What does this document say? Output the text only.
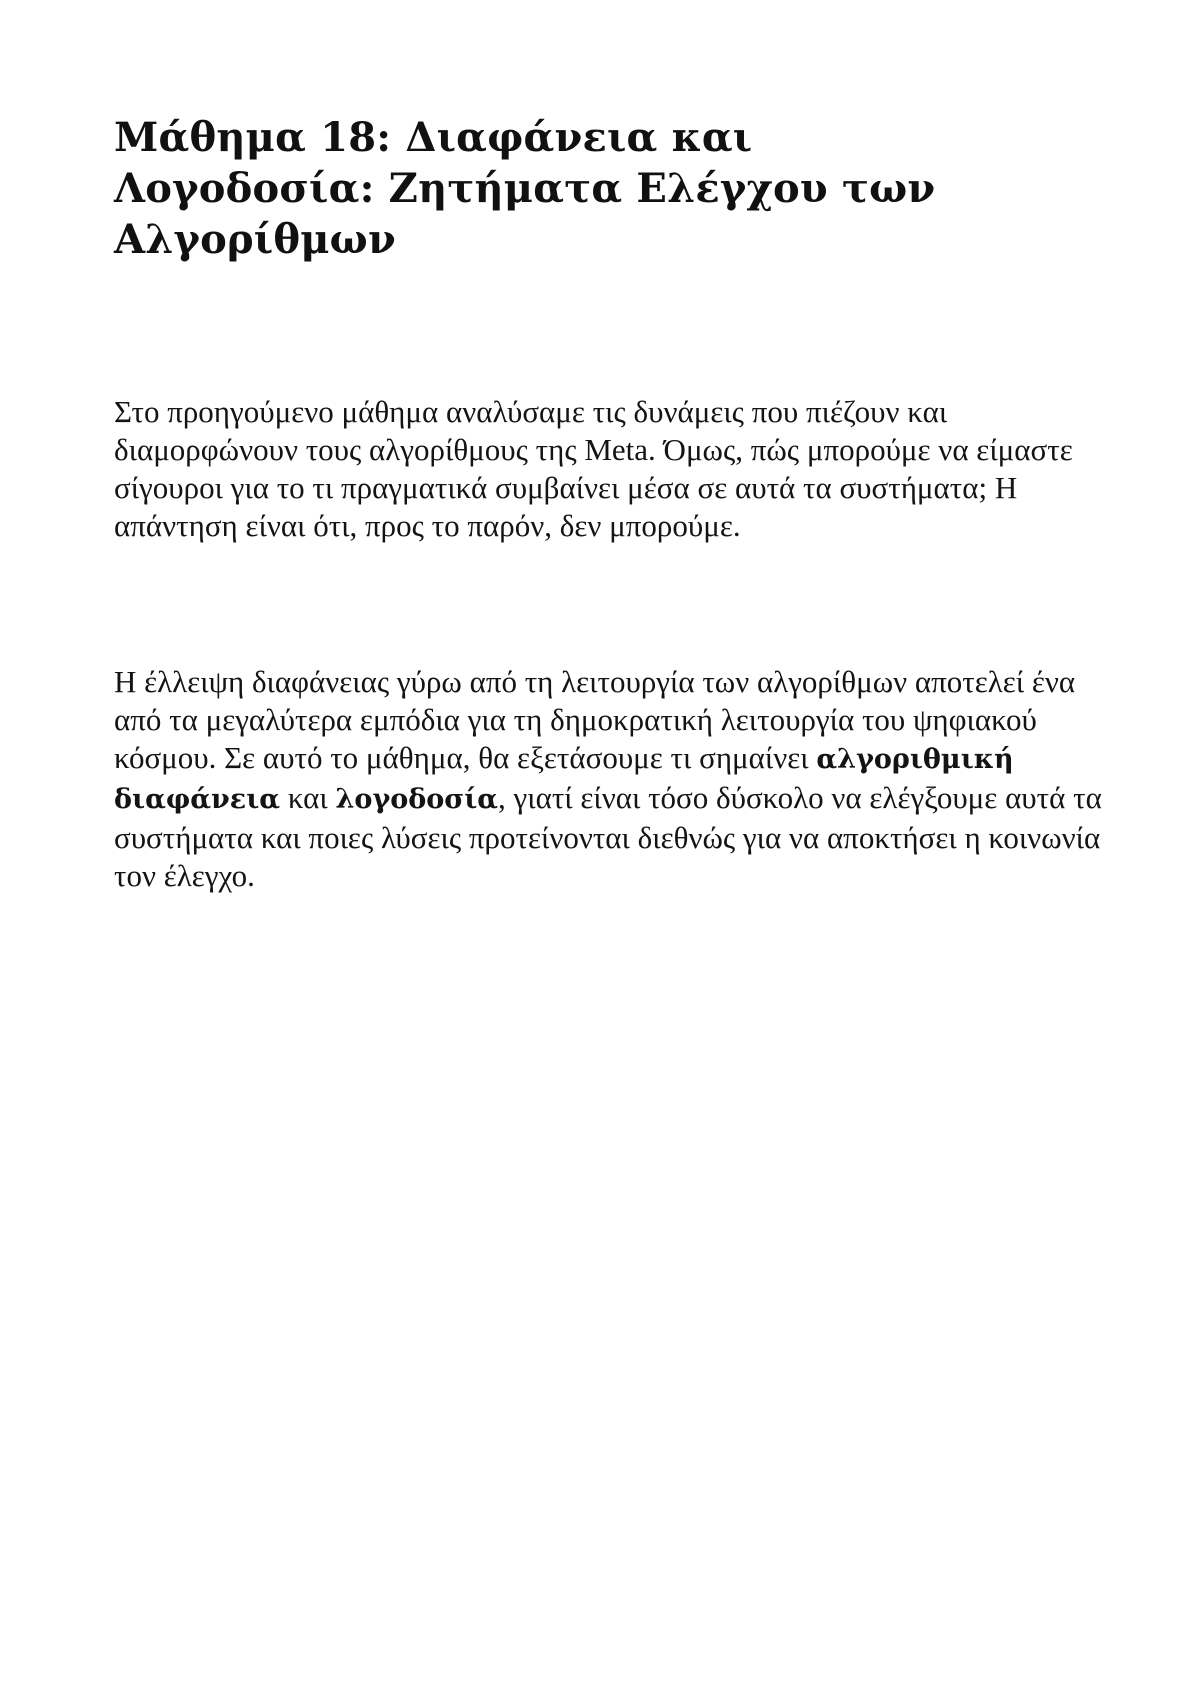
Μάθημα 18: Διαφάνεια και Λογοδοσία: Ζητήματα Ελέγχου των Αλγορίθμων

Στο προηγούμενο μάθημα αναλύσαμε τις δυνάμεις που πιέζουν και διαμορφώνουν τους αλγορίθμους της Meta. Όμως, πώς μπορούμε να είμαστε σίγουροι για το τι πραγματικά συμβαίνει μέσα σε αυτά τα συστήματα; Η απάντηση είναι ότι, προς το παρόν, δεν μπορούμε.

Η έλλειψη διαφάνειας γύρω από τη λειτουργία των αλγορίθμων αποτελεί ένα από τα μεγαλύτερα εμπόδια για τη δημοκρατική λειτουργία του ψηφιακού κόσμου. Σε αυτό το μάθημα, θα εξετάσουμε τι σημαίνει αλγοριθμική διαφάνεια και λογοδοσία, γιατί είναι τόσο δύσκολο να ελέγξουμε αυτά τα συστήματα και ποιες λύσεις προτείνονται διεθνώς για να αποκτήσει η κοινωνία τον έλεγχο.
